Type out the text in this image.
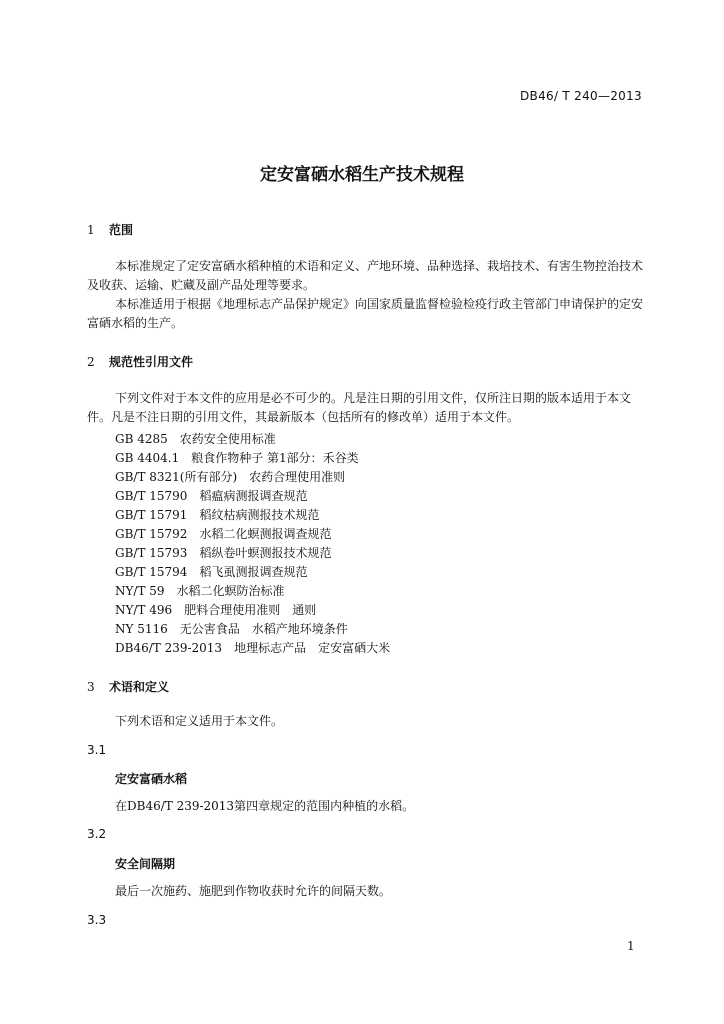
DB46/ T 240—2013
定安富硒水稻生产技术规程
1 范围
本标准规定了定安富硒水稻种植的术语和定义、产地环境、品种选择、栽培技术、有害生物控治技术及收获、运输、贮藏及副产品处理等要求。
本标准适用于根据《地理标志产品保护规定》向国家质量监督检验检疫行政主管部门申请保护的定安富硒水稻的生产。
2 规范性引用文件
下列文件对于本文件的应用是必不可少的。凡是注日期的引用文件，仅所注日期的版本适用于本文件。凡是不注日期的引用文件，其最新版本（包括所有的修改单）适用于本文件。
GB 4285　农药安全使用标准
GB 4404.1　粮食作物种子 第1部分：禾谷类
GB/T 8321(所有部分)　农药合理使用准则
GB/T 15790　稻瘟病测报调查规范
GB/T 15791　稻纹枯病测报技术规范
GB/T 15792　水稻二化螟测报调查规范
GB/T 15793　稻纵卷叶螟测报技术规范
GB/T 15794　稻飞虱测报调查规范
NY/T 59　水稻二化螟防治标准
NY/T 496　肥料合理使用准则　通则
NY 5116　无公害食品　水稻产地环境条件
DB46/T 239-2013　地理标志产品　定安富硒大米
3 术语和定义
下列术语和定义适用于本文件。
3.1
定安富硒水稻
在DB46/T 239-2013第四章规定的范围内种植的水稻。
3.2
安全间隔期
最后一次施药、施肥到作物收获时允许的间隔天数。
3.3
1
